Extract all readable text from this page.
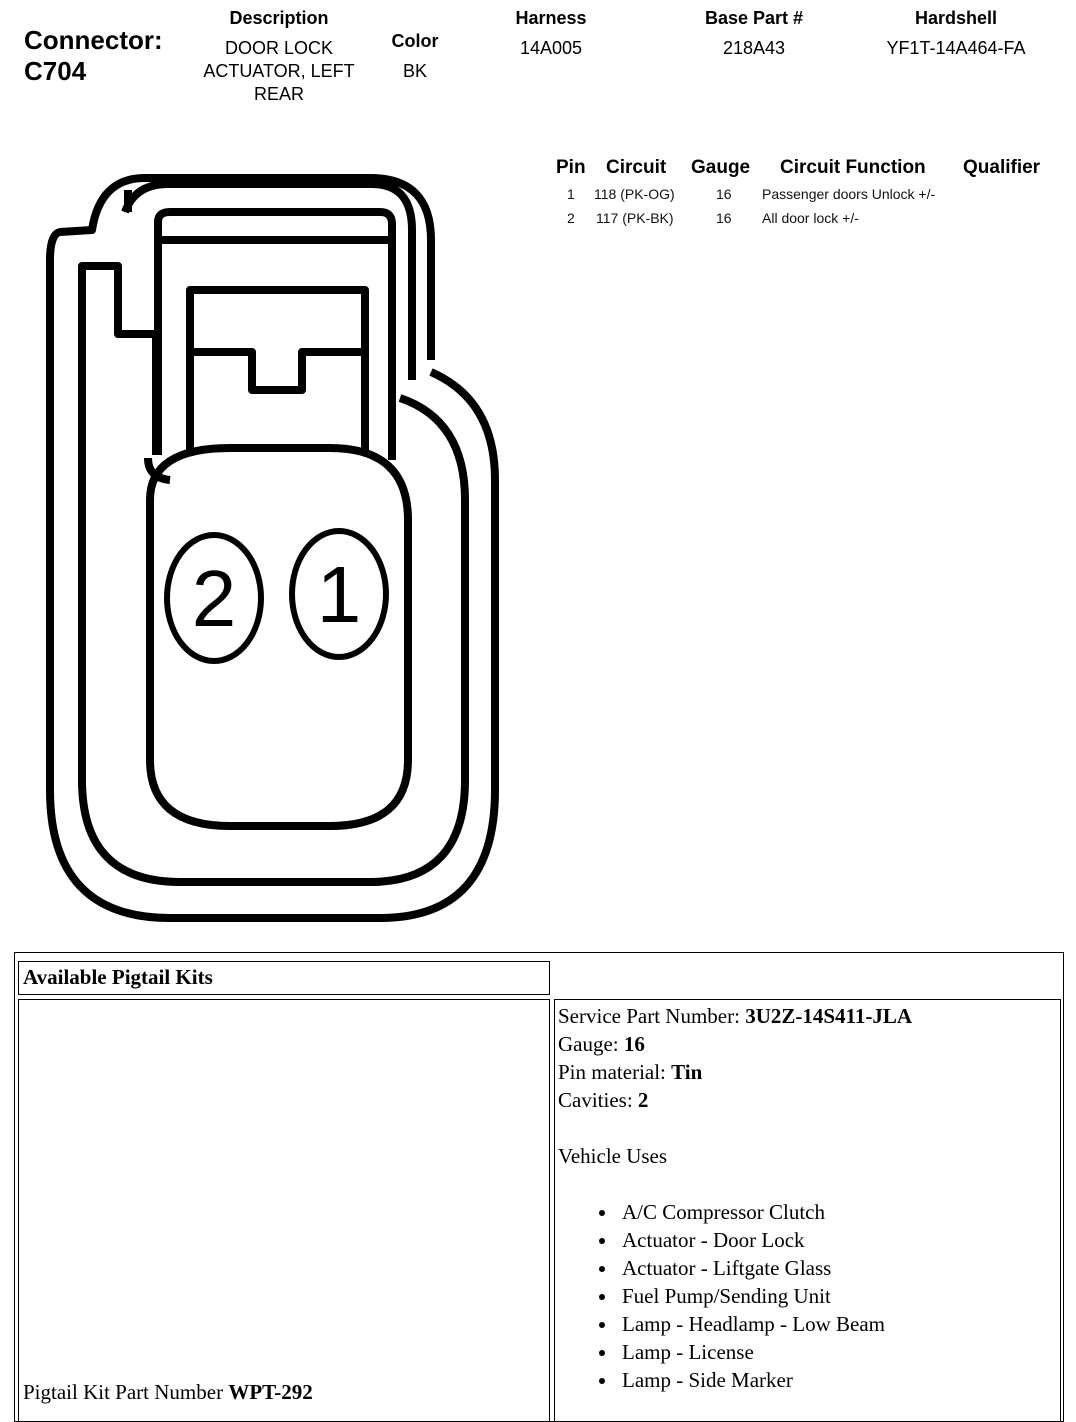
Connector:
C704
Description
DOOR LOCK
ACTUATOR, LEFT
REAR
Color
BK
Harness
14A005
Base Part #
218A43
Hardshell
YF1T-14A464-FA
Pin Circuit Gauge Circuit Function Qualifier
1 118 (PK-OG)	16 Passenger doors Unlock +/-
2 117 (PK-BK)	16 All door lock +/-
2 1
Available Pigtail Kits
Pigtail Kit Part Number WPT-292
Service Part Number: 3U2Z-14S411-JLA
Gauge: 16
Pin material: Tin
Cavities: 2
Vehicle Uses
• A/C Compressor Clutch
• Actuator - Door Lock
• Actuator - Liftgate Glass
• Fuel Pump/Sending Unit
• Lamp - Headlamp - Low Beam
• Lamp - License
• Lamp - Side Marker
